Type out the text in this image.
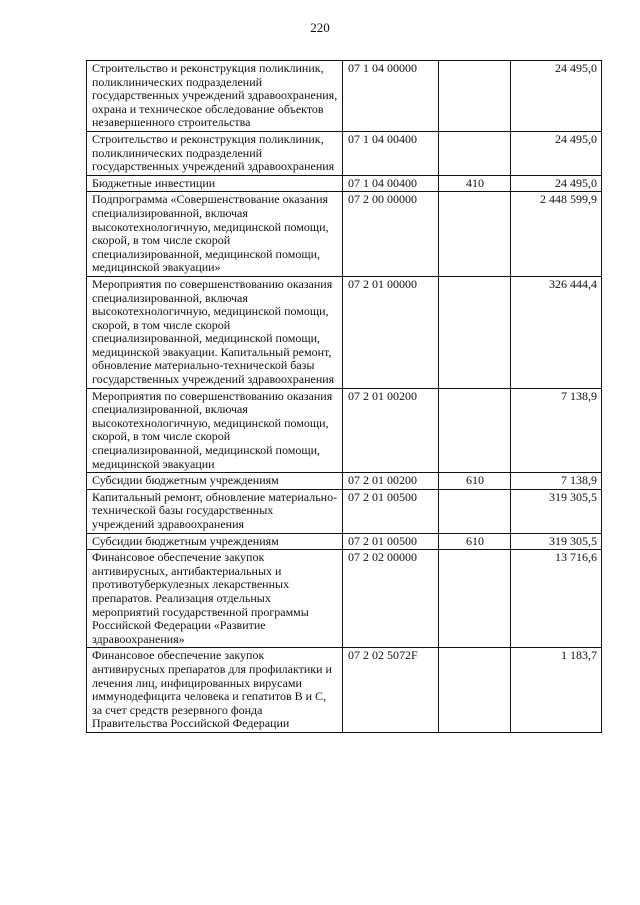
220
Строительство и реконструкция поликлиник, поликлинических подразделений государственных учреждений здравоохранения, охрана и техническое обследование объектов незавершенного строительства	07 1 04 00000		24 495,0
Строительство и реконструкция поликлиник, поликлинических подразделений государственных учреждений здравоохранения	07 1 04 00400		24 495,0
Бюджетные инвестиции	07 1 04 00400	410	24 495,0
Подпрограмма «Совершенствование оказания специализированной, включая высокотехнологичную, медицинской помощи, скорой, в том числе скорой специализированной, медицинской помощи, медицинской эвакуации»	07 2 00 00000		2 448 599,9
Мероприятия по совершенствованию оказания специализированной, включая высокотехнологичную, медицинской помощи, скорой, в том числе скорой специализированной, медицинской помощи, медицинской эвакуации. Капитальный ремонт, обновление материально-технической базы государственных учреждений здравоохранения	07 2 01 00000		326 444,4
Мероприятия по совершенствованию оказания специализированной, включая высокотехнологичную, медицинской помощи, скорой, в том числе скорой специализированной, медицинской помощи, медицинской эвакуации	07 2 01 00200		7 138,9
Субсидии бюджетным учреждениям	07 2 01 00200	610	7 138,9
Капитальный ремонт, обновление материально-технической базы государственных учреждений здравоохранения	07 2 01 00500		319 305,5
Субсидии бюджетным учреждениям	07 2 01 00500	610	319 305,5
Финансовое обеспечение закупок антивирусных, антибактериальных и противотуберкулезных лекарственных препаратов. Реализация отдельных мероприятий государственной программы Российской Федерации «Развитие здравоохранения»	07 2 02 00000		13 716,6
Финансовое обеспечение закупок антивирусных препаратов для профилактики и лечения лиц, инфицированных вирусами иммунодефицита человека и гепатитов В и С, за счет средств резервного фонда Правительства Российской Федерации	07 2 02 5072F		1 183,7
